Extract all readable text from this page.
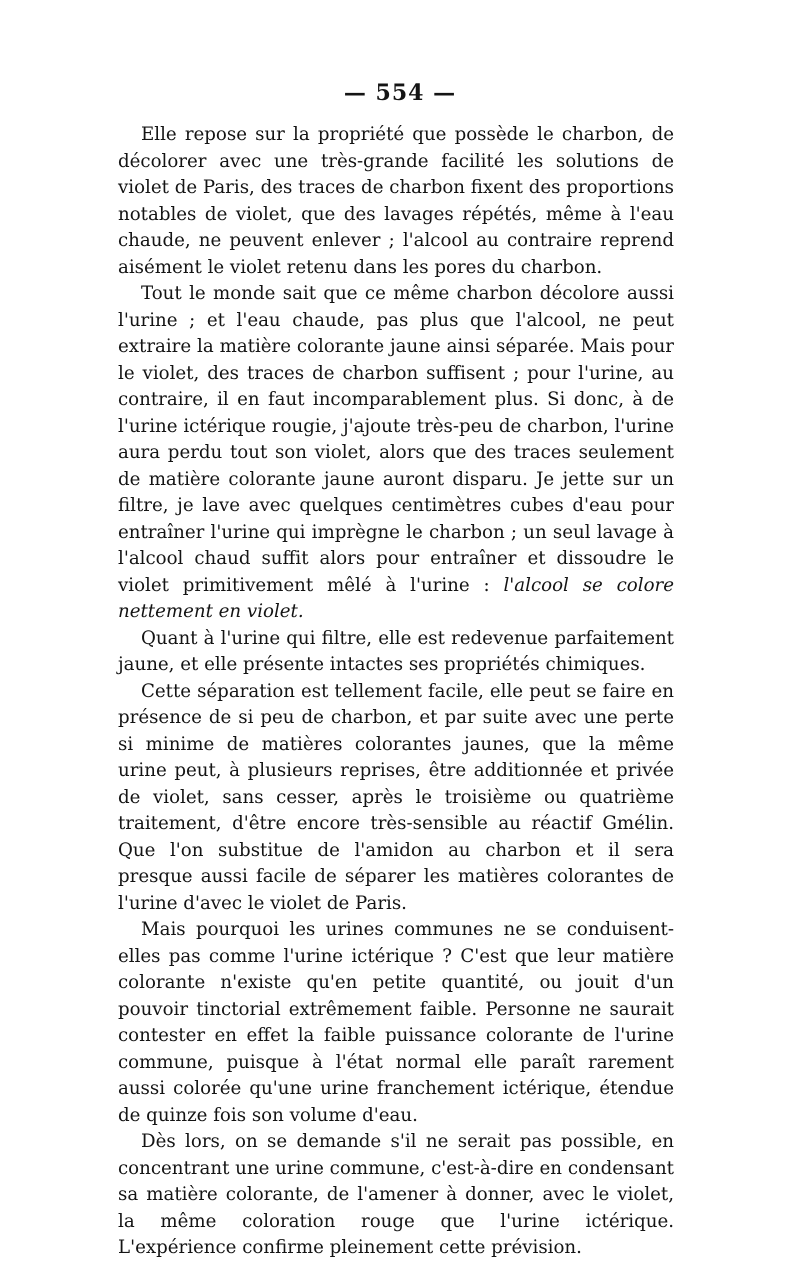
— 554 —

Elle repose sur la propriété que possède le charbon, de décolorer avec une très-grande facilité les solutions de violet de Paris, des traces de charbon fixent des proportions notables de violet, que des lavages répétés, même à l'eau chaude, ne peuvent enlever ; l'alcool au contraire reprend aisément le violet retenu dans les pores du charbon.

Tout le monde sait que ce même charbon décolore aussi l'urine ; et l'eau chaude, pas plus que l'alcool, ne peut extraire la matière colorante jaune ainsi séparée. Mais pour le violet, des traces de charbon suffisent ; pour l'urine, au contraire, il en faut incomparablement plus. Si donc, à de l'urine ictérique rougie, j'ajoute très-peu de charbon, l'urine aura perdu tout son violet, alors que des traces seulement de matière colorante jaune auront disparu. Je jette sur un filtre, je lave avec quelques centimètres cubes d'eau pour entraîner l'urine qui imprègne le charbon ; un seul lavage à l'alcool chaud suffit alors pour entraîner et dissoudre le violet primitivement mêlé à l'urine : l'alcool se colore nettement en violet.

Quant à l'urine qui filtre, elle est redevenue parfaitement jaune, et elle présente intactes ses propriétés chimiques.

Cette séparation est tellement facile, elle peut se faire en présence de si peu de charbon, et par suite avec une perte si minime de matières colorantes jaunes, que la même urine peut, à plusieurs reprises, être additionnée et privée de violet, sans cesser, après le troisième ou quatrième traitement, d'être encore très-sensible au réactif Gmélin. Que l'on substitue de l'amidon au charbon et il sera presque aussi facile de séparer les matières colorantes de l'urine d'avec le violet de Paris.

Mais pourquoi les urines communes ne se conduisent-elles pas comme l'urine ictérique ? C'est que leur matière colorante n'existe qu'en petite quantité, ou jouit d'un pouvoir tinctorial extrêmement faible. Personne ne saurait contester en effet la faible puissance colorante de l'urine commune, puisque à l'état normal elle paraît rarement aussi colorée qu'une urine franchement ictérique, étendue de quinze fois son volume d'eau.

Dès lors, on se demande s'il ne serait pas possible, en concentrant une urine commune, c'est-à-dire en condensant sa matière colorante, de l'amener à donner, avec le violet, la même coloration rouge que l'urine ictérique. L'expérience confirme pleinement cette prévision.
